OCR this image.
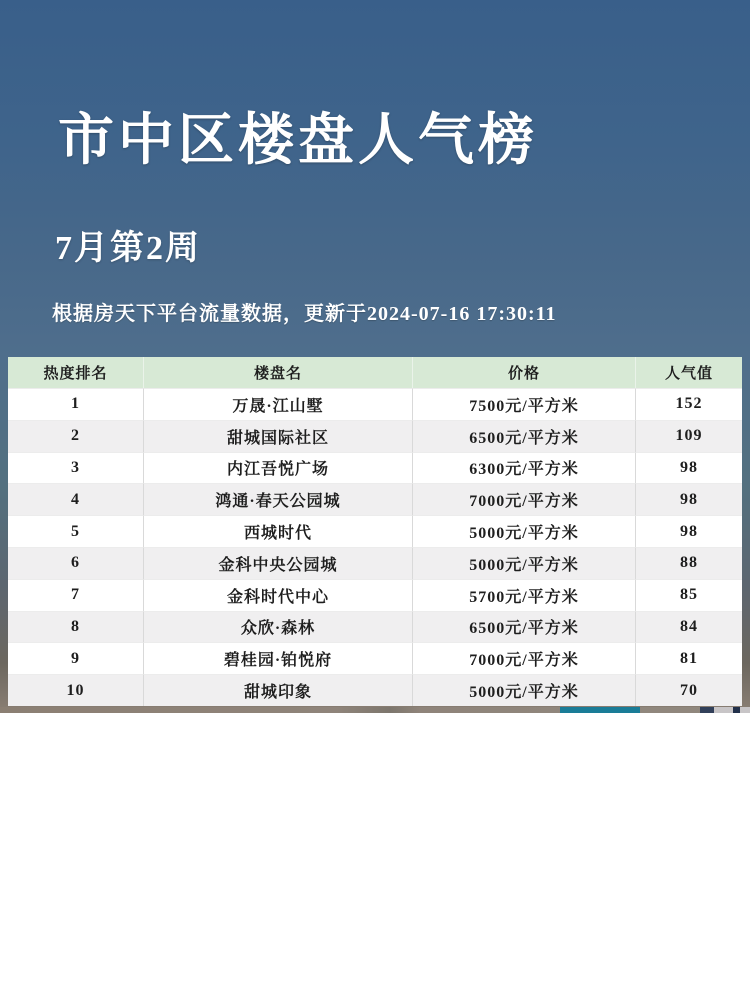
市中区楼盘人气榜
7月第2周
根据房天下平台流量数据，更新于2024-07-16 17:30:11
热度排名	楼盘名	价格	人气值
1	万晟·江山墅	7500元/平方米	152
2	甜城国际社区	6500元/平方米	109
3	内江吾悦广场	6300元/平方米	98
4	鸿通·春天公园城	7000元/平方米	98
5	西城时代	5000元/平方米	98
6	金科中央公园城	5000元/平方米	88
7	金科时代中心	5700元/平方米	85
8	众欣·森林	6500元/平方米	84
9	碧桂园·铂悦府	7000元/平方米	81
10	甜城印象	5000元/平方米	70
